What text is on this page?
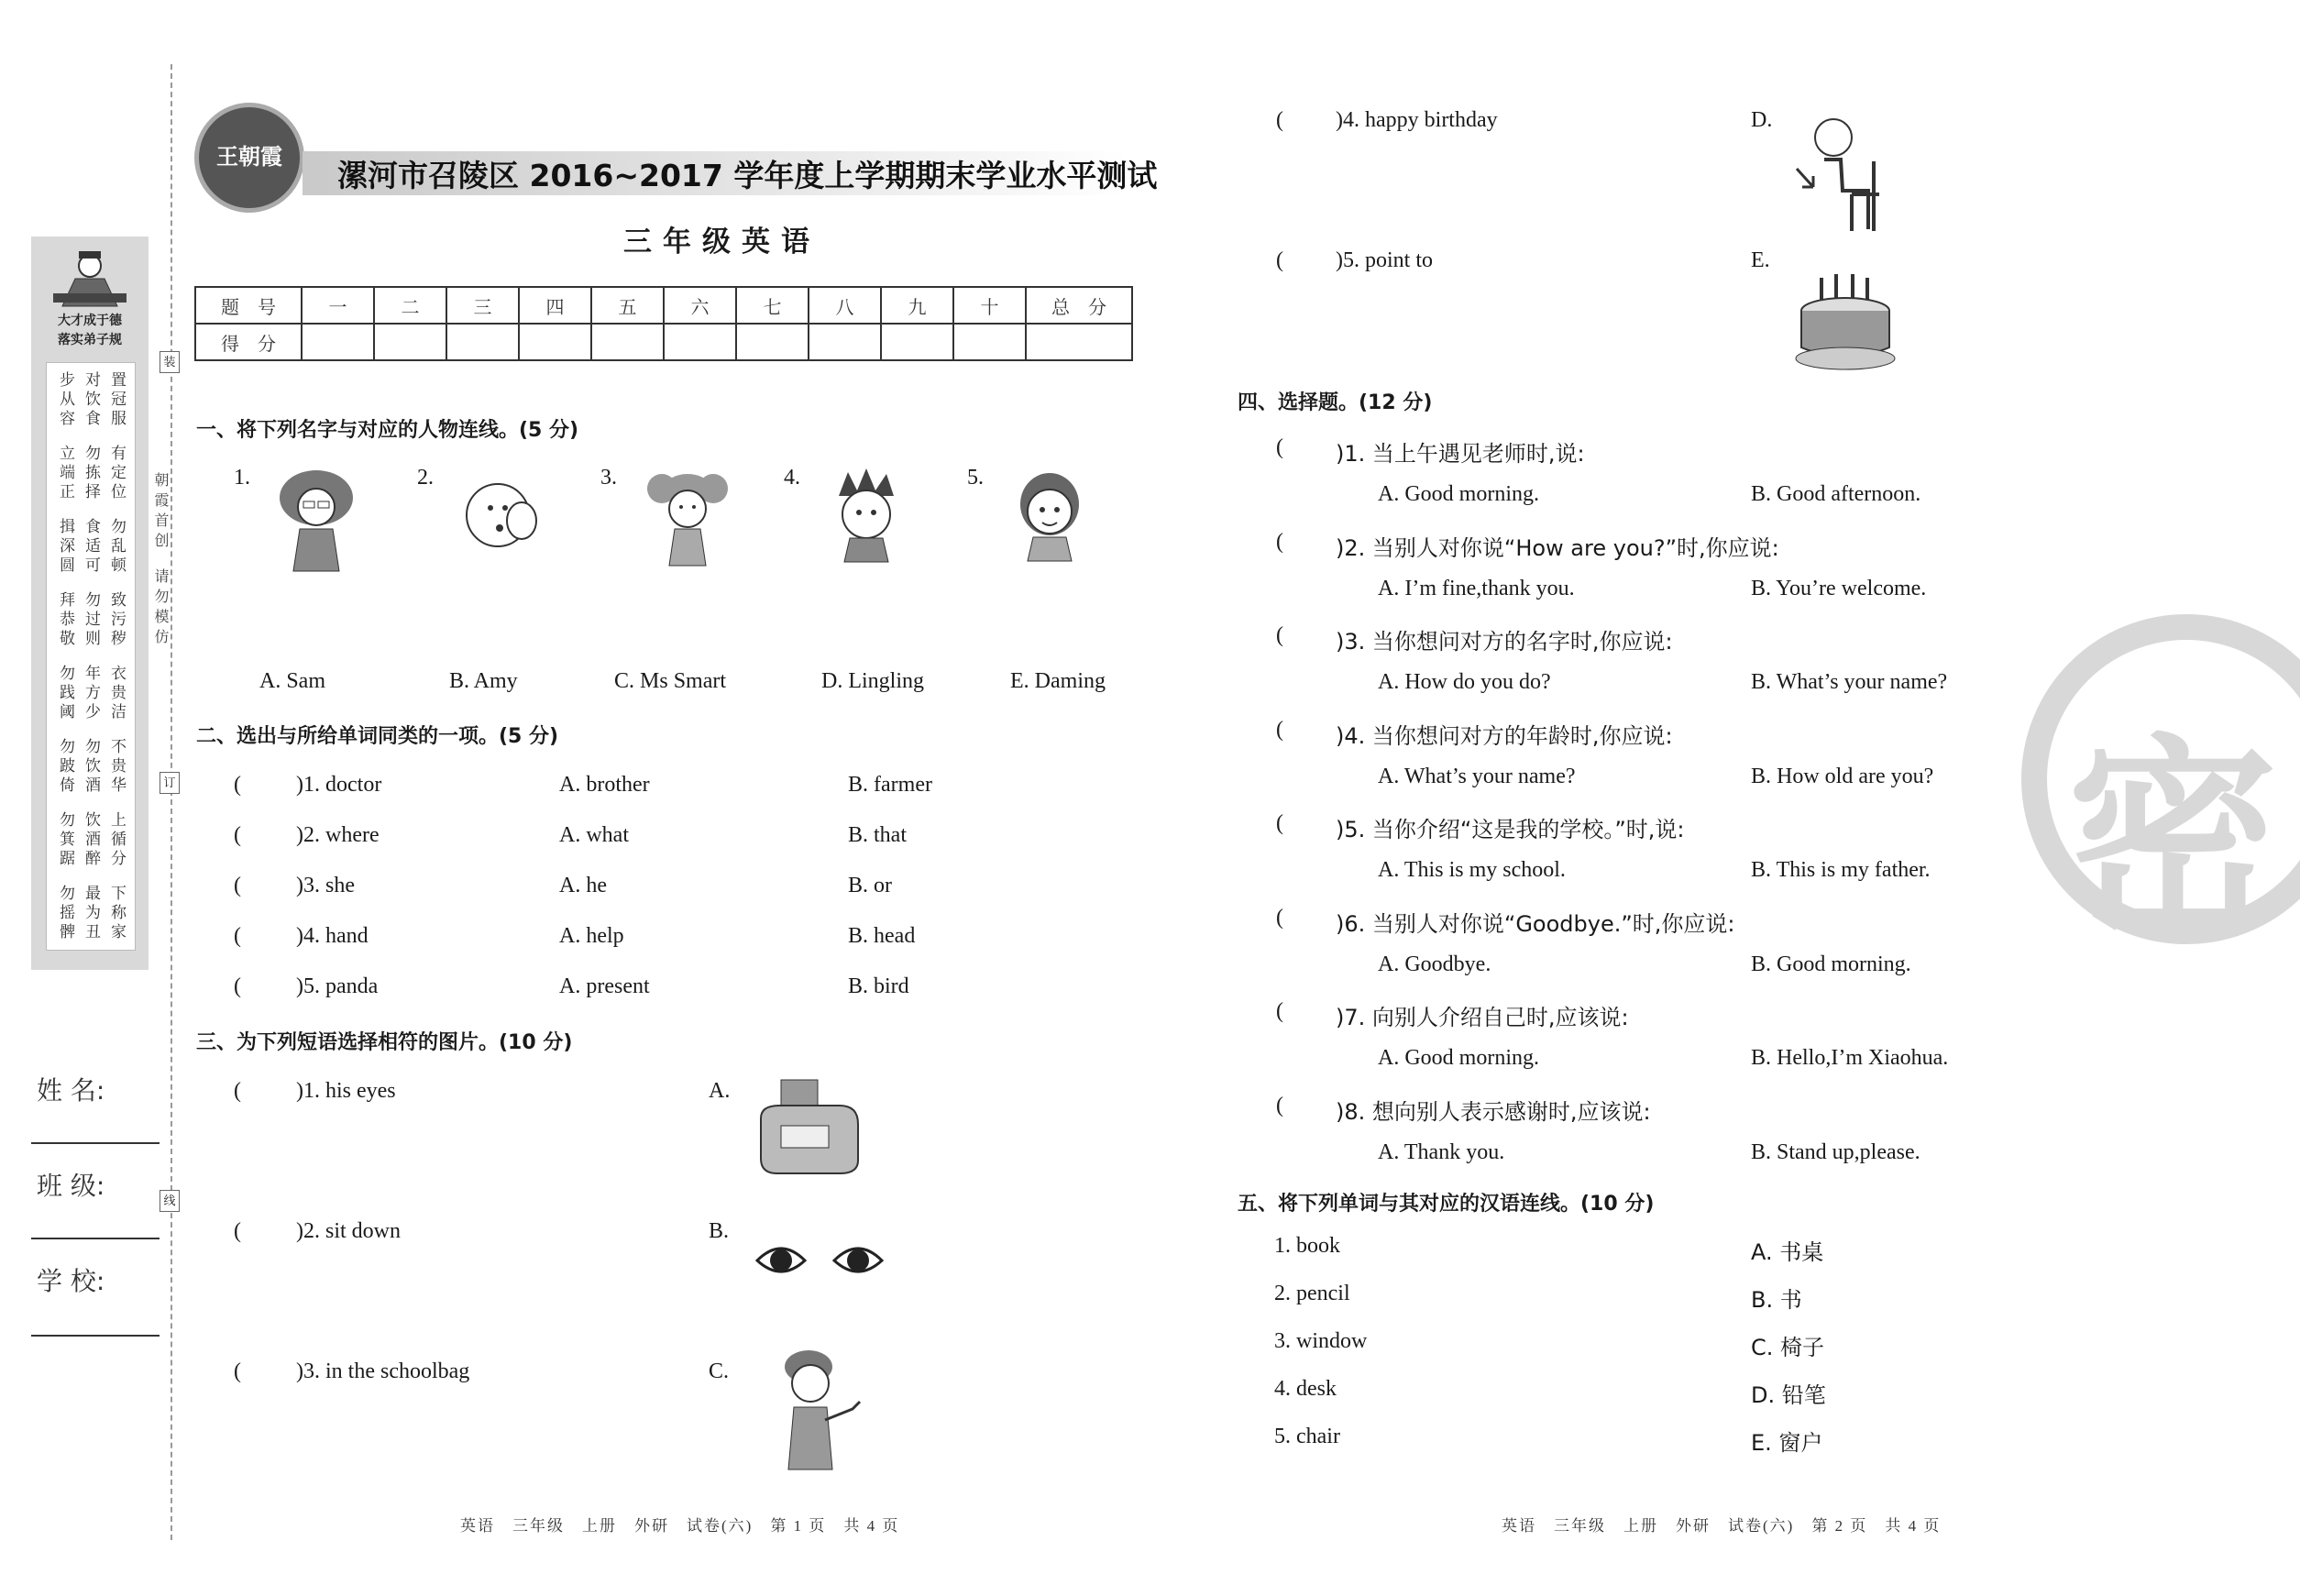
大才成于德
落实弟子规
步从容 对饮食 置冠服
立端正 勿拣择 有定位
揖深圆 食适可 勿乱顿
拜恭敬 勿过则 致污秽
勿践阈 年方少 衣贵洁
勿跛倚 勿饮酒 不贵华
勿箕踞 饮酒醉 上循分
勿摇髀 最为丑 下称家
朝霞首创
请勿模仿
装
订
线
姓 名:
班 级:
学 校:
王朝霞
漯河市召陵区 2016~2017 学年度上学期期末学业水平测试
三年级英语
题　号	一	二	三	四	五	六	七	八	九	十	总　分
得　分											
一、将下列名字与对应的人物连线。(5 分)
1.	2.	3.	4.	5.
A. Sam	B. Amy	C. Ms Smart	D. Lingling	E. Daming
二、选出与所给单词同类的一项。(5 分)
(	)1. doctor	A. brother	B. farmer
(	)2. where	A. what	B. that
(	)3. she	A. he	B. or
(	)4. hand	A. help	B. head
(	)5. panda	A. present	B. bird
三、为下列短语选择相符的图片。(10 分)
(	)1. his eyes	A.
(	)2. sit down	B.
(	)3. in the schoolbag	C.
( )4. happy birthday	D.
( )5. point to	E.
四、选择题。(12 分)
( )1. 当上午遇见老师时,说:
A. Good morning.	B. Good afternoon.
( )2. 当别人对你说“How are you?”时,你应说:
A. I’m fine,thank you.	B. You’re welcome.
( )3. 当你想问对方的名字时,你应说:
A. How do you do?	B. What’s your name?
( )4. 当你想问对方的年龄时,你应说:
A. What’s your name?	B. How old are you?
( )5. 当你介绍“这是我的学校。”时,说:
A. This is my school.	B. This is my father.
( )6. 当别人对你说“Goodbye.”时,你应说:
A. Goodbye.	B. Good morning.
( )7. 向别人介绍自己时,应该说:
A. Good morning.	B. Hello,I’m Xiaohua.
( )8. 想向别人表示感谢时,应该说:
A. Thank you.	B. Stand up,please.
五、将下列单词与其对应的汉语连线。(10 分)
1. book	A. 书桌
2. pencil	B. 书
3. window	C. 椅子
4. desk	D. 铅笔
5. chair	E. 窗户
密
英语　三年级　上册　外研　试卷(六)　第 1 页　共 4 页	英语　三年级　上册　外研　试卷(六)　第 2 页　共 4 页
